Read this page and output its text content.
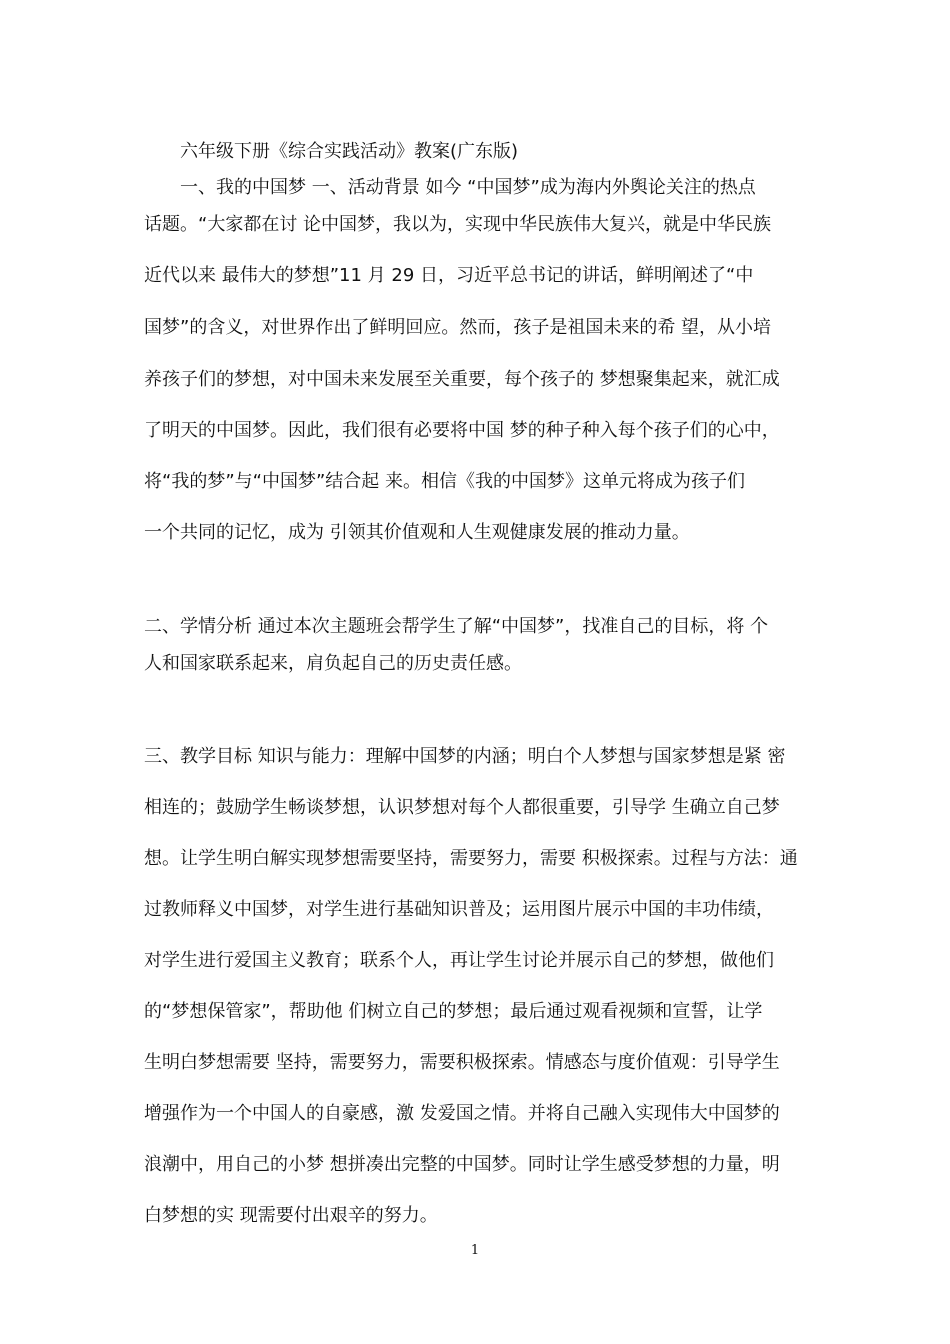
六年级下册《综合实践活动》教案(广东版)
一、我的中国梦 一、活动背景 如今 “中国梦”成为海内外舆论关注的热点
话题。“大家都在讨 论中国梦，我以为，实现中华民族伟大复兴，就是中华民族
近代以来 最伟大的梦想”11 月 29 日，习近平总书记的讲话，鲜明阐述了“中
国梦”的含义，对世界作出了鲜明回应。然而，孩子是祖国未来的希 望，从小培
养孩子们的梦想，对中国未来发展至关重要，每个孩子的 梦想聚集起来，就汇成
了明天的中国梦。因此，我们很有必要将中国 梦的种子种入每个孩子们的心中，
将“我的梦”与“中国梦”结合起 来。相信《我的中国梦》这单元将成为孩子们
一个共同的记忆，成为 引领其价值观和人生观健康发展的推动力量。
二、学情分析 通过本次主题班会帮学生了解“中国梦”，找准自己的目标，将 个
人和国家联系起来，肩负起自己的历史责任感。
三、教学目标 知识与能力：理解中国梦的内涵；明白个人梦想与国家梦想是紧 密
相连的；鼓励学生畅谈梦想，认识梦想对每个人都很重要，引导学 生确立自己梦
想。让学生明白解实现梦想需要坚持，需要努力，需要 积极探索。过程与方法：通
过教师释义中国梦，对学生进行基础知识普及；运用图片展示中国的丰功伟绩，
对学生进行爱国主义教育；联系个人，再让学生讨论并展示自己的梦想，做他们
的“梦想保管家”，帮助他 们树立自己的梦想；最后通过观看视频和宣誓，让学
生明白梦想需要 坚持，需要努力，需要积极探索。情感态与度价值观：引导学生
增强作为一个中国人的自豪感，激 发爱国之情。并将自己融入实现伟大中国梦的
浪潮中，用自己的小梦 想拼凑出完整的中国梦。同时让学生感受梦想的力量，明
白梦想的实 现需要付出艰辛的努力。
1
